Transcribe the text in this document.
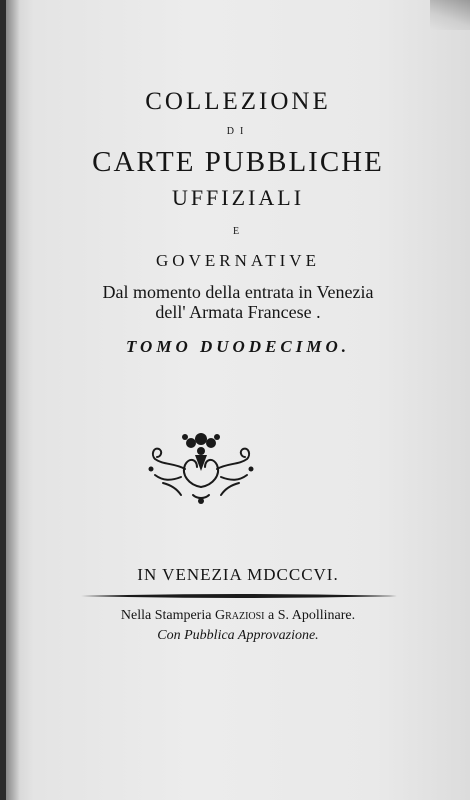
COLLEZIONE
DI
CARTE PUBBLICHE
UFFIZIALI
E
GOVERNATIVE
Dal momento della entrata in Venezia
dell' Armata Francese .
TOMO DUODECIMO.
IN VENEZIA MDCCCVI.
Nella Stamperia Graziosi a S. Apollinare.
Con Pubblica Approvazione.
